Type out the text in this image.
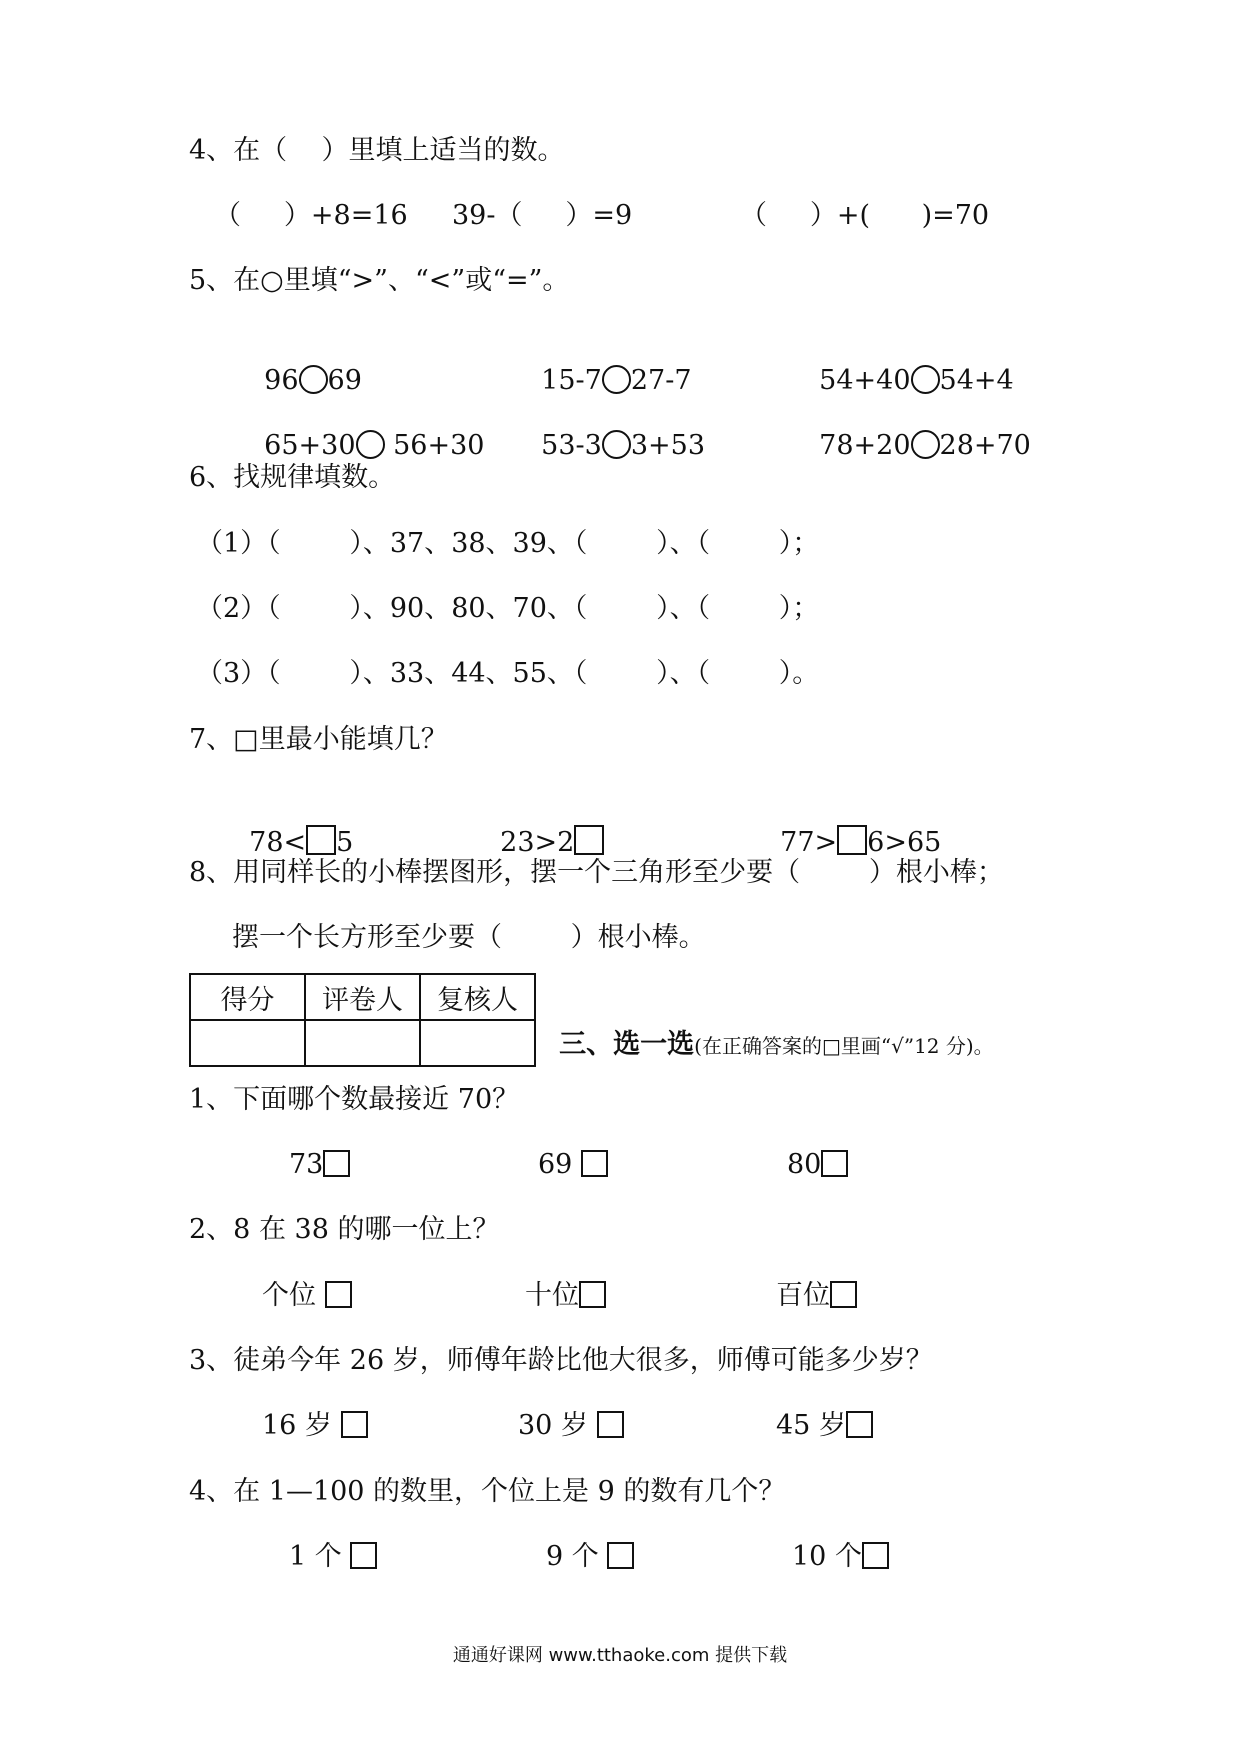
4、在（    ）里填上适当的数。
（     ）+8=16 39-（     ）=9	（     ）+(      )=70
5、在○里填“>”、“<”或“=”。

96 69	15-7 27-7	54+40 54+4

65+30 56+30	53-3 3+53	78+20 28+70

6、找规律填数。
（1）（        ）、37、38、39、（        ）、（        ）；
（2）（        ）、90、80、70、（        ）、（        ）；
（3）（        ）、33、44、55、（        ）、（        ）。
7、□里最小能填几？

78< 5	23>2	77> 6>65

8、用同样长的小棒摆图形，摆一个三角形至少要（        ）根小棒；
摆一个长方形至少要（        ）根小棒。
得分	评卷人	复核人

三、选一选(在正确答案的□里画“√”12 分)。

1、下面哪个数最接近 70？
73	69	80
2、8 在 38 的哪一位上？
个位	十位	百位
3、徒弟今年 26 岁，师傅年龄比他大很多，师傅可能多少岁？
16 岁	30 岁	45 岁
4、在 1—100 的数里，个位上是 9 的数有几个？
1 个	9 个	10 个
通通好课网 www.tthaoke.com 提供下载
